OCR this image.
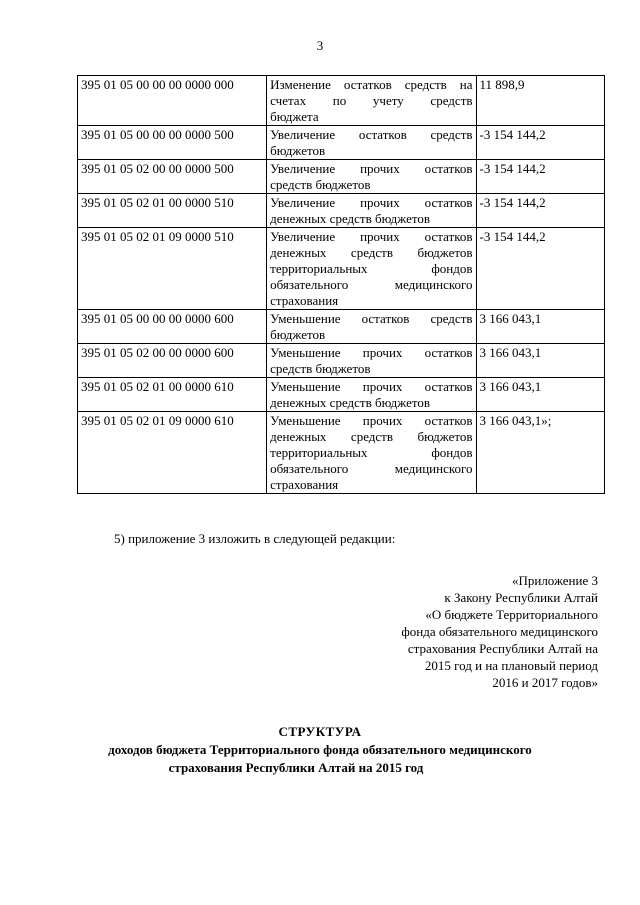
3
395 01 05 00 00 00 0000 000	Изменение остатков средств на
счетах по учету средств
бюджета	11 898,9
395 01 05 00 00 00 0000 500	Увеличение остатков средств
бюджетов	-3 154 144,2
395 01 05 02 00 00 0000 500	Увеличение прочих остатков
средств бюджетов	-3 154 144,2
395 01 05 02 01 00 0000 510	Увеличение прочих остатков
денежных средств бюджетов	-3 154 144,2
395 01 05 02 01 09 0000 510	Увеличение прочих остатков
денежных средств бюджетов
территориальных фондов
обязательного медицинского
страхования	-3 154 144,2
395 01 05 00 00 00 0000 600	Уменьшение остатков средств
бюджетов	3 166 043,1
395 01 05 02 00 00 0000 600	Уменьшение прочих остатков
средств бюджетов	3 166 043,1
395 01 05 02 01 00 0000 610	Уменьшение прочих остатков
денежных средств бюджетов	3 166 043,1
395 01 05 02 01 09 0000 610	Уменьшение прочих остатков
денежных средств бюджетов
территориальных фондов
обязательного медицинского
страхования	3 166 043,1»;
5) приложение 3 изложить в следующей редакции:
«Приложение 3
к Закону Республики Алтай
«О бюджете Территориального
фонда обязательного медицинского
страхования Республики Алтай на
2015 год и на плановый период
2016 и 2017 годов»
СТРУКТУРА
доходов бюджета Территориального фонда обязательного медицинского
страхования Республики Алтай на 2015 год
